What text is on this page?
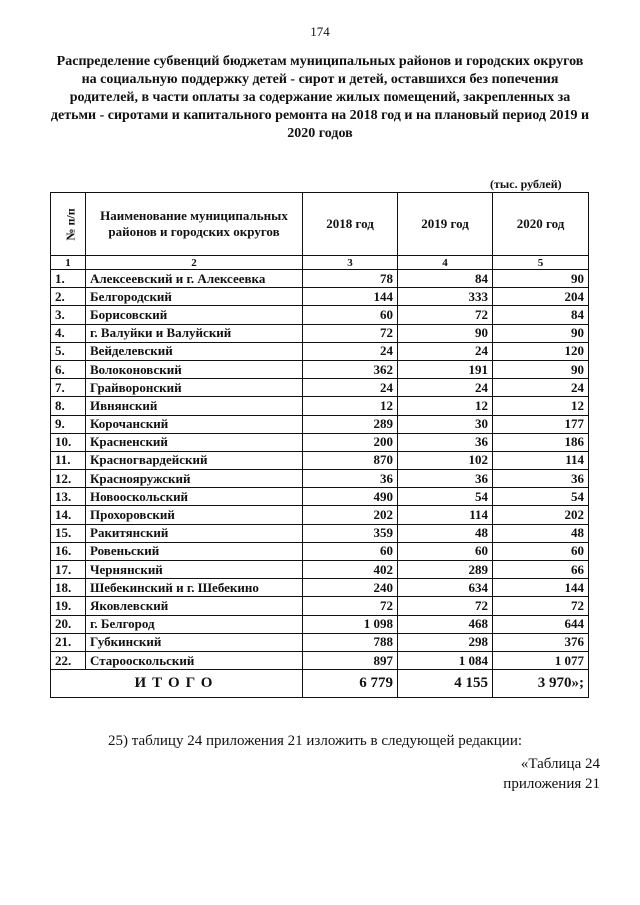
174
Распределение субвенций бюджетам муниципальных районов и городских округов на социальную поддержку детей - сирот и детей, оставшихся без попечения родителей, в части оплаты за содержание жилых помещений, закрепленных за детьми - сиротами и капитального ремонта на 2018 год и на плановый период 2019 и 2020 годов
(тыс. рублей)
№ п/п	Наименование муниципальных районов и городских округов	2018 год	2019 год	2020 год
1	2	3	4	5
1.	Алексеевский и г. Алексеевка	78	84	90
2.	Белгородский	144	333	204
3.	Борисовский	60	72	84
4.	г. Валуйки и Валуйский	72	90	90
5.	Вейделевский	24	24	120
6.	Волоконовский	362	191	90
7.	Грайворонский	24	24	24
8.	Ивнянский	12	12	12
9.	Корочанский	289	30	177
10.	Красненский	200	36	186
11.	Красногвардейский	870	102	114
12.	Краснояружский	36	36	36
13.	Новооскольский	490	54	54
14.	Прохоровский	202	114	202
15.	Ракитянский	359	48	48
16.	Ровеньский	60	60	60
17.	Чернянский	402	289	66
18.	Шебекинский и г. Шебекино	240	634	144
19.	Яковлевский	72	72	72
20.	г. Белгород	1 098	468	644
21.	Губкинский	788	298	376
22.	Старооскольский	897	1 084	1 077
ИТОГО		6 779	4 155	3 970»;
25) таблицу 24 приложения 21 изложить в следующей редакции:
«Таблица 24
приложения 21
